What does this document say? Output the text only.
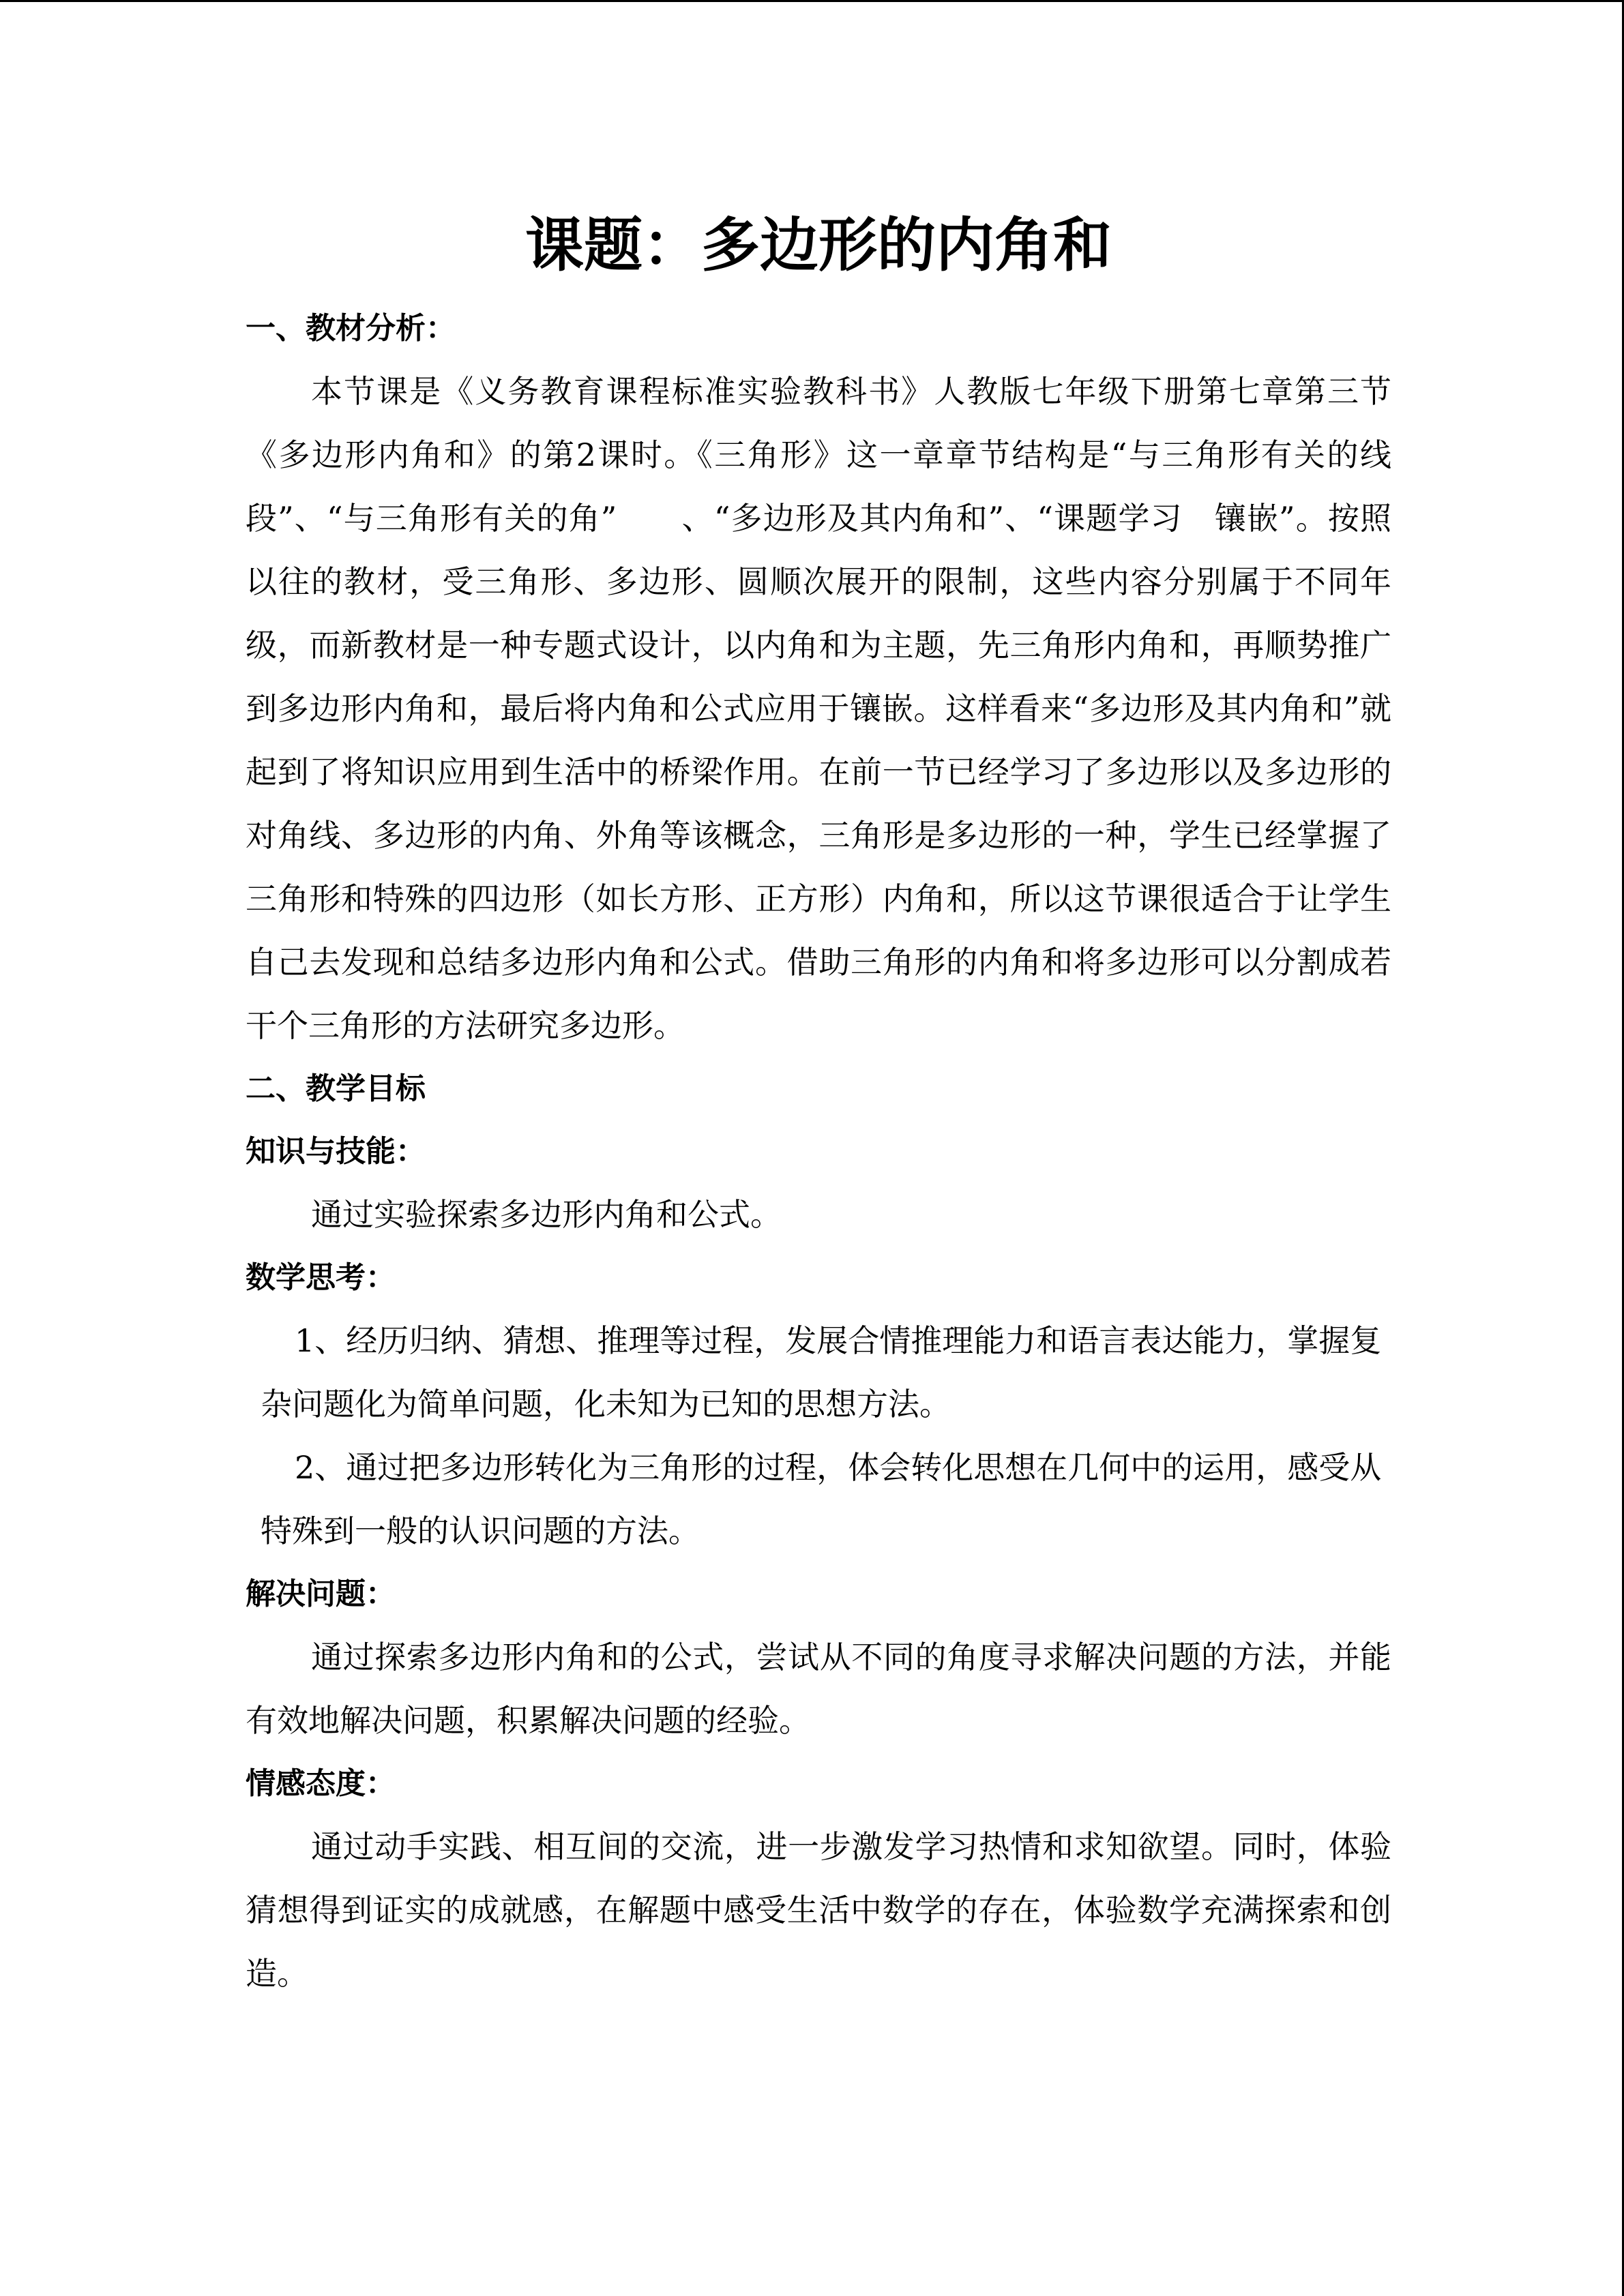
课题：多边形的内角和
一、教材分析：

本节课是《义务教育课程标准实验教科书》人教版七年级下册第七章第三节《多边形内角和》的第2课时。《三角形》这一章章节结构是“与三角形有关的线段”、“与三角形有关的角”　　、“多边形及其内角和”、“课题学习　镶嵌”。按照以往的教材，受三角形、多边形、圆顺次展开的限制，这些内容分别属于不同年级，而新教材是一种专题式设计，以内角和为主题，先三角形内角和，再顺势推广到多边形内角和，最后将内角和公式应用于镶嵌。这样看来“多边形及其内角和”就起到了将知识应用到生活中的桥梁作用。在前一节已经学习了多边形以及多边形的对角线、多边形的内角、外角等该概念，三角形是多边形的一种，学生已经掌握了三角形和特殊的四边形（如长方形、正方形）内角和，所以这节课很适合于让学生自己去发现和总结多边形内角和公式。借助三角形的内角和将多边形可以分割成若干个三角形的方法研究多边形。

二、教学目标
知识与技能：

通过实验探索多边形内角和公式。

数学思考：

1、经历归纳、猜想、推理等过程，发展合情推理能力和语言表达能力，掌握复杂问题化为简单问题，化未知为已知的思想方法。

2、通过把多边形转化为三角形的过程，体会转化思想在几何中的运用，感受从特殊到一般的认识问题的方法。

解决问题：

通过探索多边形内角和的公式，尝试从不同的角度寻求解决问题的方法，并能有效地解决问题，积累解决问题的经验。

情感态度：

通过动手实践、相互间的交流，进一步激发学习热情和求知欲望。同时，体验猜想得到证实的成就感，在解题中感受生活中数学的存在，体验数学充满探索和创造。
